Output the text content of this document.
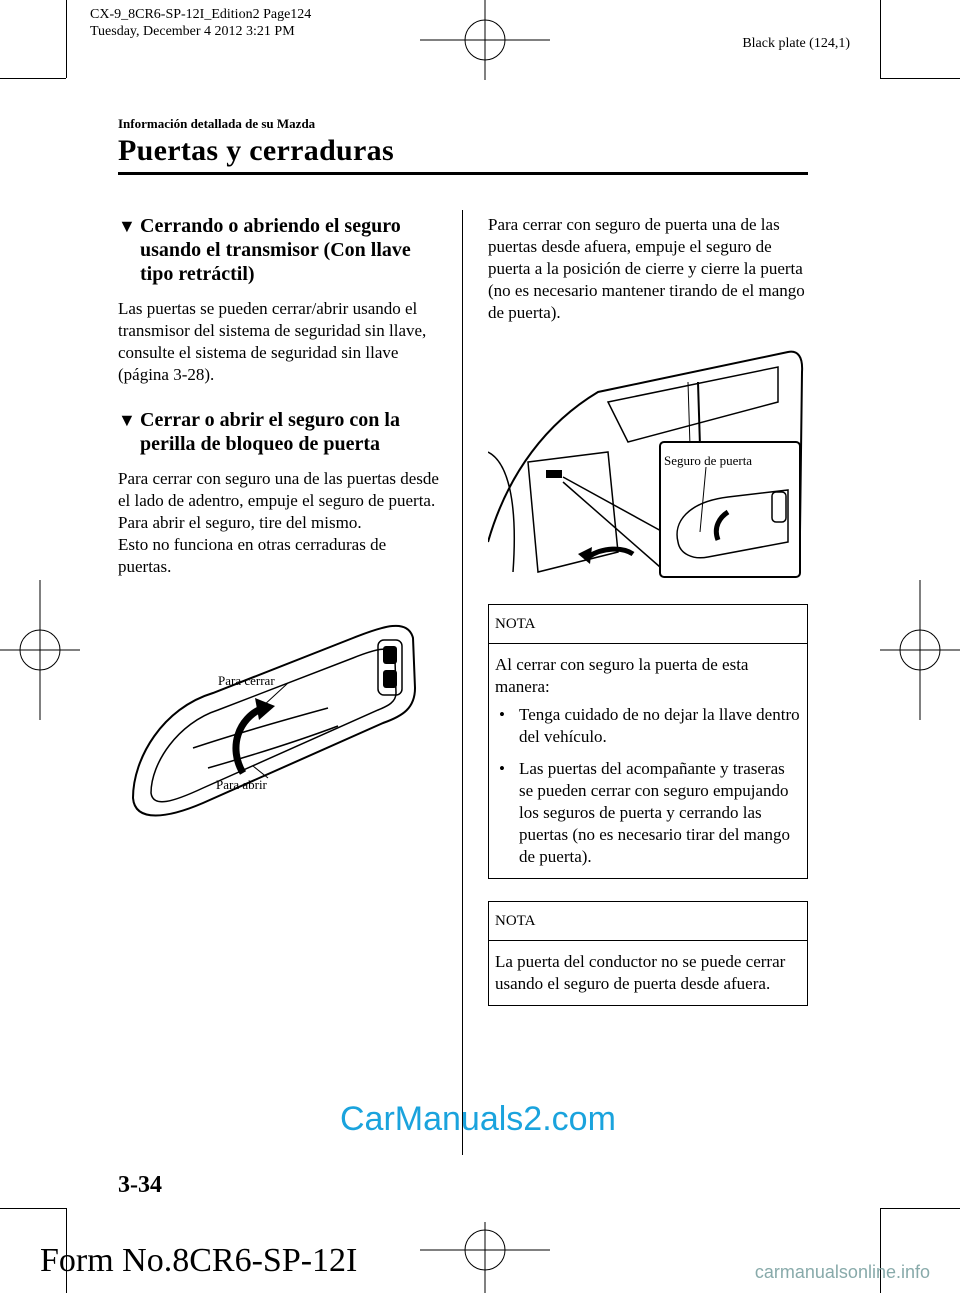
CX-9_8CR6-SP-12I_Edition2 Page124
Tuesday, December 4 2012 3:21 PM
Black plate (124,1)
Información detallada de su Mazda
Puertas y cerraduras
▼ Cerrando o abriendo el seguro usando el transmisor (Con llave tipo retráctil)

Las puertas se pueden cerrar/abrir usando el transmisor del sistema de seguridad sin llave, consulte el sistema de seguridad sin llave (página 3-28).

▼ Cerrar o abrir el seguro con la perilla de bloqueo de puerta
Para cerrar con seguro una de las puertas desde el lado de adentro, empuje el seguro de puerta.
Para abrir el seguro, tire del mismo.
Esto no funciona en otras cerraduras de puertas.
Para cerrar
Para abrir

Para cerrar con seguro de puerta una de las puertas desde afuera, empuje el seguro de puerta a la posición de cierre y cierre la puerta (no es necesario mantener tirando de el mango de puerta).

Seguro de puerta
NOTA
Al cerrar con seguro la puerta de esta manera:
• Tenga cuidado de no dejar la llave dentro del vehículo.
• Las puertas del acompañante y traseras se pueden cerrar con seguro empujando los seguros de puerta y cerrando las puertas (no es necesario tirar del mango de puerta).
NOTA
La puerta del conductor no se puede cerrar usando el seguro de puerta desde afuera.
3-34
CarManuals2.com
Form No.8CR6-SP-12I	carmanualsonline.info
